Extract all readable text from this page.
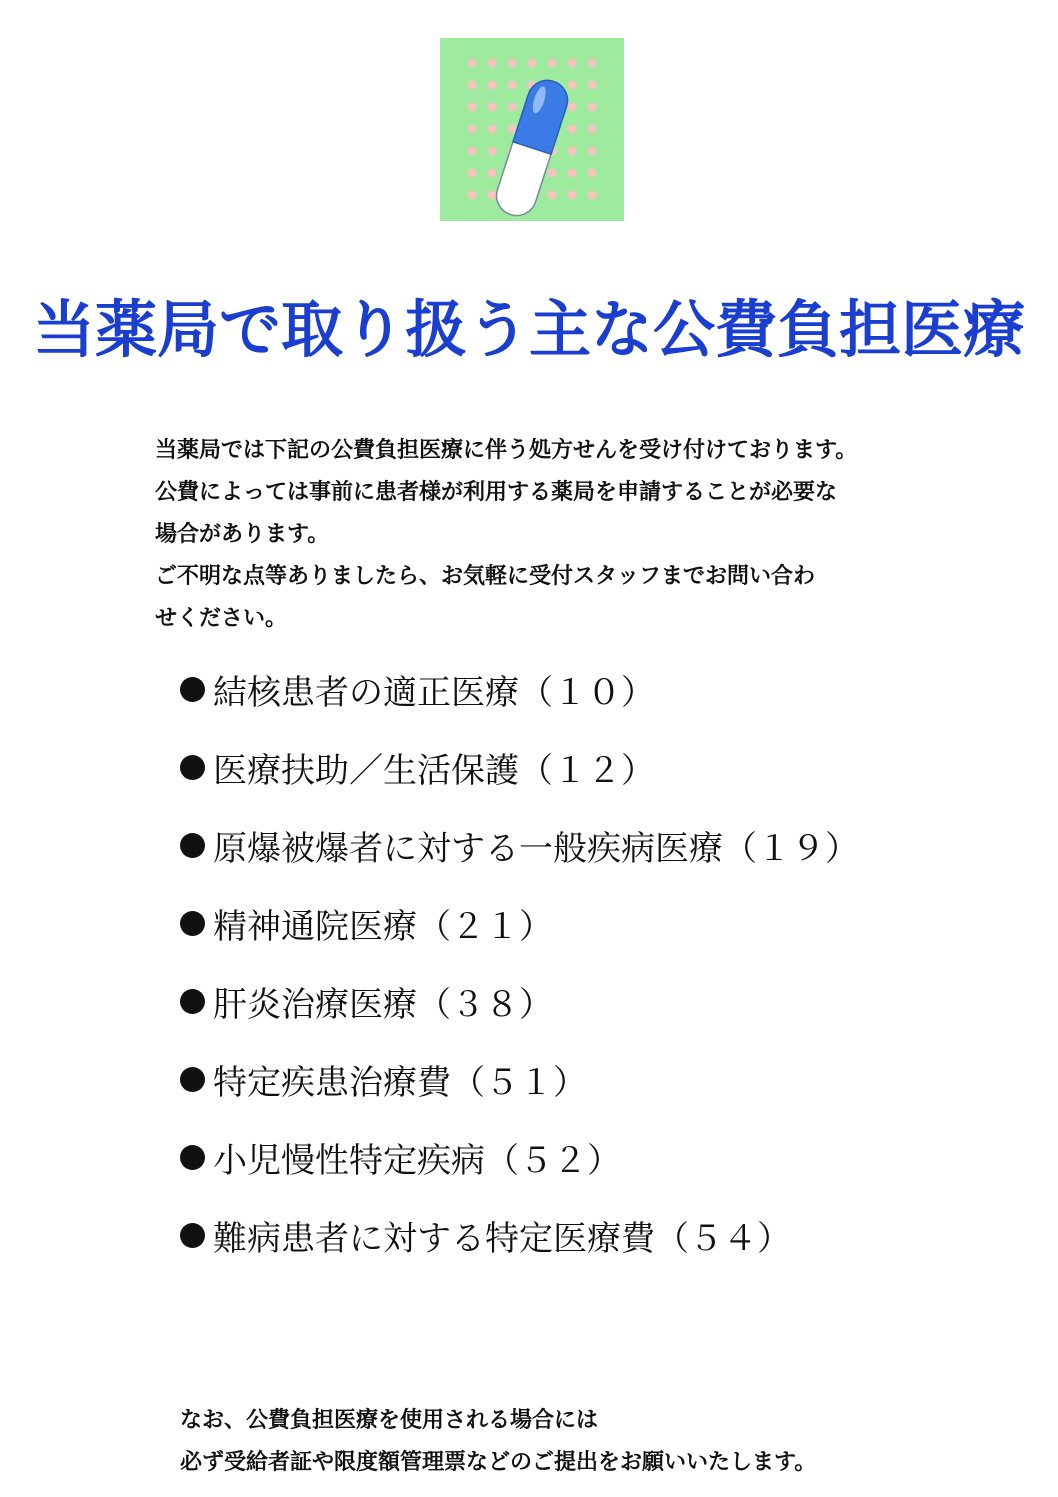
当薬局で取り扱う主な公費負担医療

当薬局では下記の公費負担医療に伴う処方せんを受け付けております。

公費によっては事前に患者様が利用する薬局を申請することが必要な

場合があります。

ご不明な点等ありましたら、お気軽に受付スタッフまでお問い合わ

せください。

結核患者の適正医療（１０）
医療扶助／生活保護（１２）
原爆被爆者に対する一般疾病医療（１９）
精神通院医療（２１）
肝炎治療医療（３８）
特定疾患治療費（５１）
小児慢性特定疾病（５２）
難病患者に対する特定医療費（５４）

なお、公費負担医療を使用される場合には

必ず受給者証や限度額管理票などのご提出をお願いいたします。
